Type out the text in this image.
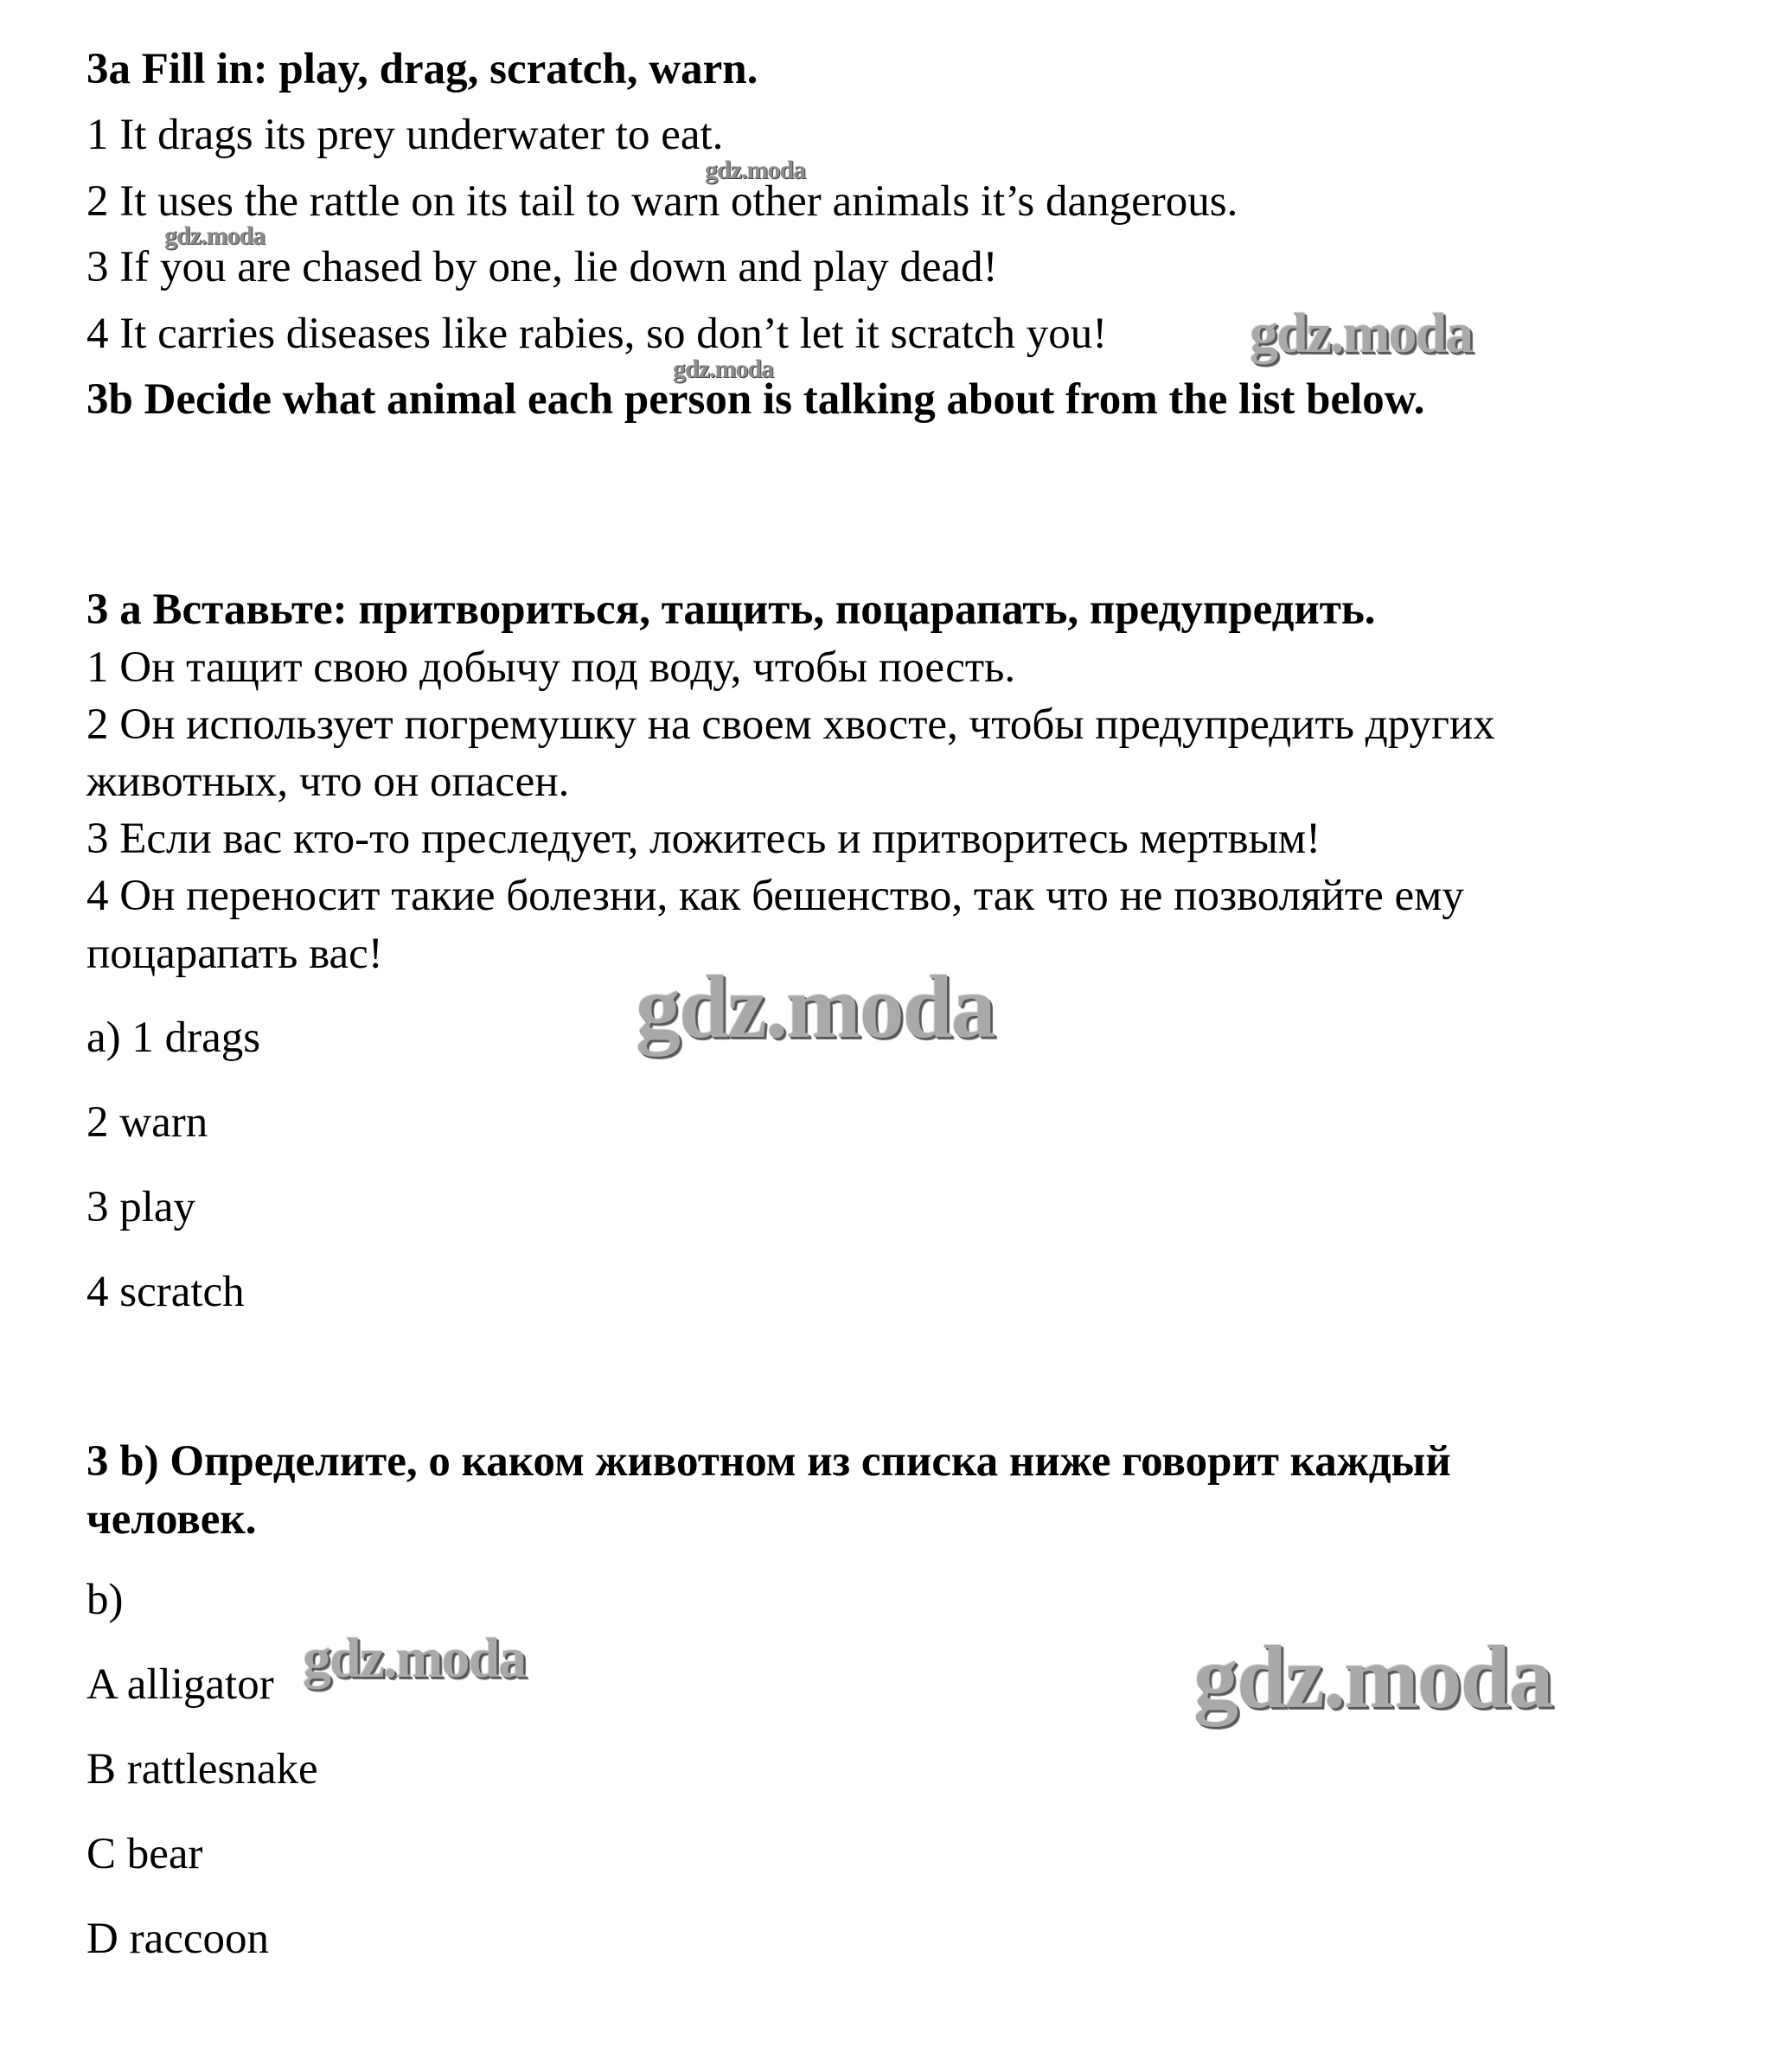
3a Fill in: play, drag, scratch, warn.
1 It drags its prey underwater to eat.
2 It uses the rattle on its tail to warn other animals it’s dangerous.
3 If you are chased by one, lie down and play dead!
4 It carries diseases like rabies, so don’t let it scratch you!
3b Decide what animal each person is talking about from the list below.
3 а Вставьте: притвориться, тащить, поцарапать, предупредить.
1 Он тащит свою добычу под воду, чтобы поесть.
2 Он использует погремушку на своем хвосте, чтобы предупредить других
животных, что он опасен.
3 Если вас кто-то преследует, ложитесь и притворитесь мертвым!
4 Он переносит такие болезни, как бешенство, так что не позволяйте ему
поцарапать вас!
а) 1 drags
2 warn
3 play
4 scratch
3 b) Определите, о каком животном из списка ниже говорит каждый
человек.
b)
A alligator
B rattlesnake
C bear
D raccoon
gdz.moda
gdz.moda
gdz.moda
gdz.moda
gdz.moda
gdz.moda	gdz.moda
